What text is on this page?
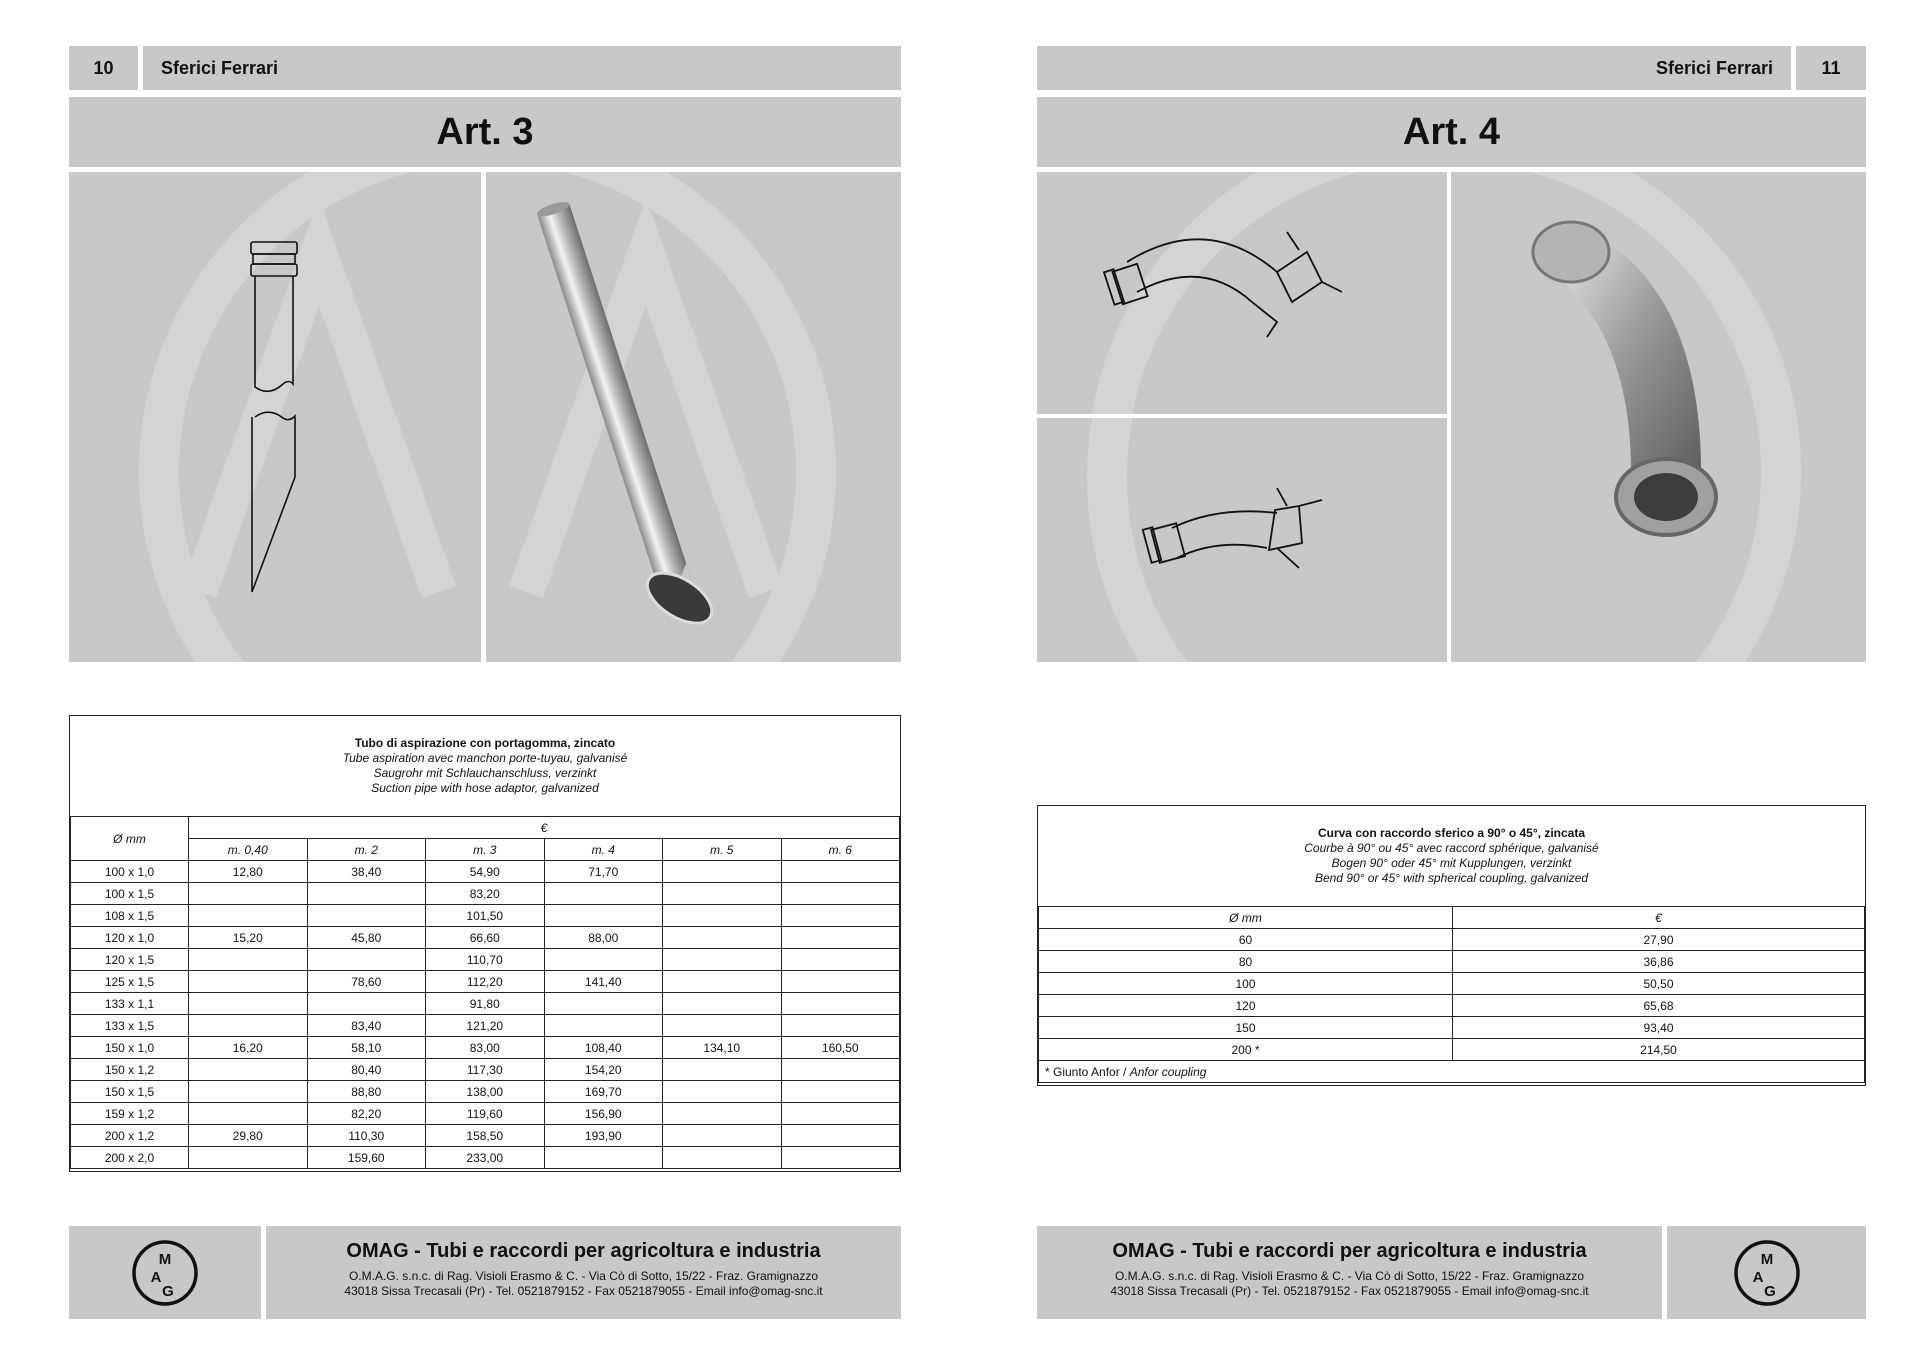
10	Sferici Ferrari
Art. 3
Tubo di aspirazione con portagomma, zincato
Tube aspiration avec manchon porte-tuyau, galvanisé
Saugrohr mit Schlauchanschluss, verzinkt
Suction pipe with hose adaptor, galvanized
Ø mm	€					
	m. 0,40	m. 2	m. 3	m. 4	m. 5	m. 6
100 x 1,0	12,80	38,40	54,90	71,70		
100 x 1,5			83,20			
108 x 1,5			101,50			
120 x 1,0	15,20	45,80	66,60	88,00		
120 x 1,5			110,70			
125 x 1,5		78,60	112,20	141,40		
133 x 1,1			91,80			
133 x 1,5		83,40	121,20			
150 x 1,0	16,20	58,10	83,00	108,40	134,10	160,50
150 x 1,2		80,40	117,30	154,20		
150 x 1,5		88,80	138,00	169,70		
159 x 1,2		82,20	119,60	156,90		
200 x 1,2	29,80	110,30	158,50	193,90		
200 x 2,0		159,60	233,00			
M
A
G
OMAG - Tubi e raccordi per agricoltura e industria
O.M.A.G. s.n.c. di Rag. Visioli Erasmo & C. - Via Cò di Sotto, 15/22 - Fraz. Gramignazzo
43018 Sissa Trecasali (Pr) - Tel. 0521879152 - Fax 0521879055 - Email info@omag-snc.it
Sferici Ferrari	11
Art. 4
Curva con raccordo sferico a 90° o 45°, zincata
Courbe à 90° ou 45° avec raccord sphérique, galvanisé
Bogen 90° oder 45° mit Kupplungen, verzinkt
Bend 90° or 45° with spherical coupling, galvanized
Ø mm	€
60	27,90
80	36,86
100	50,50
120	65,68
150	93,40
200 *	214,50
* Giunto Anfor / Anfor coupling	
OMAG - Tubi e raccordi per agricoltura e industria
O.M.A.G. s.n.c. di Rag. Visioli Erasmo & C. - Via Cò di Sotto, 15/22 - Fraz. Gramignazzo
43018 Sissa Trecasali (Pr) - Tel. 0521879152 - Fax 0521879055 - Email info@omag-snc.it
M
A
G
